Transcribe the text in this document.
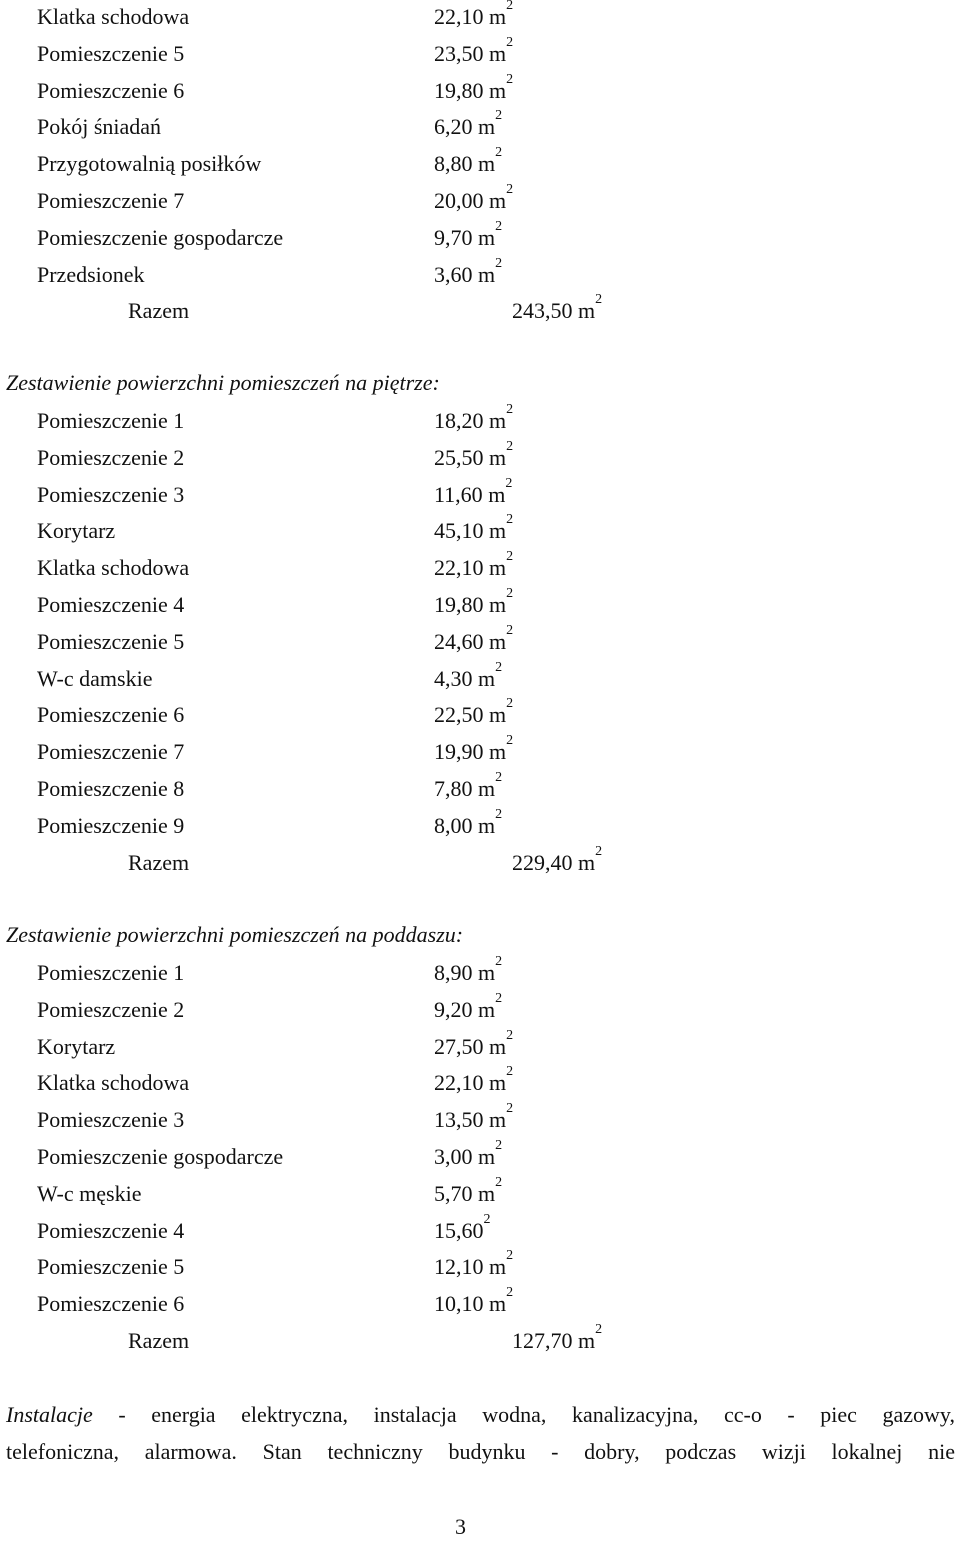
Klatka schodowa	22,10 $m^2$
Pomieszczenie 5	23,50 $m^2$
Pomieszczenie 6	19,80 $m^2$
Pokój śniadań	6,20 $m^2$
Przygotowalnią posiłków	8,80 $m^2$
Pomieszczenie 7	20,00 $m^2$
Pomieszczenie gospodarcze	9,70 $m^2$
Przedsionek	3,60 $m^2$
Razem	243,50 $m^2$
Zestawienie powierzchni pomieszczeń na piętrze:
Pomieszczenie 1	18,20 $m^2$
Pomieszczenie 2	25,50 $m^2$
Pomieszczenie 3	11,60 $m^2$
Korytarz	45,10 $m^2$
Klatka schodowa	22,10 $m^2$
Pomieszczenie 4	19,80 $m^2$
Pomieszczenie 5	24,60 $m^2$
W-c damskie	4,30 $m^2$
Pomieszczenie 6	22,50 $m^2$
Pomieszczenie 7	19,90 $m^2$
Pomieszczenie 8	7,80 $m^2$
Pomieszczenie 9	8,00 $m^2$
Razem	229,40 $m^2$
Zestawienie powierzchni pomieszczeń na poddaszu:
Pomieszczenie 1	8,90 $m^2$
Pomieszczenie 2	9,20 $m^2$
Korytarz	27,50 $m^2$
Klatka schodowa	22,10 $m^2$
Pomieszczenie 3	13,50 $m^2$
Pomieszczenie gospodarcze	3,00 $m^2$
W-c męskie	5,70 $m^2$
Pomieszczenie 4	15,60$^2$
Pomieszczenie 5	12,10 $m^2$
Pomieszczenie 6	10,10 $m^2$
Razem	127,70 $m^2$
Instalacje - energia elektryczna, instalacja wodna, kanalizacyjna, cc-o - piec gazowy,
telefoniczna, alarmowa. Stan techniczny budynku - dobry, podczas wizji lokalnej nie
3
